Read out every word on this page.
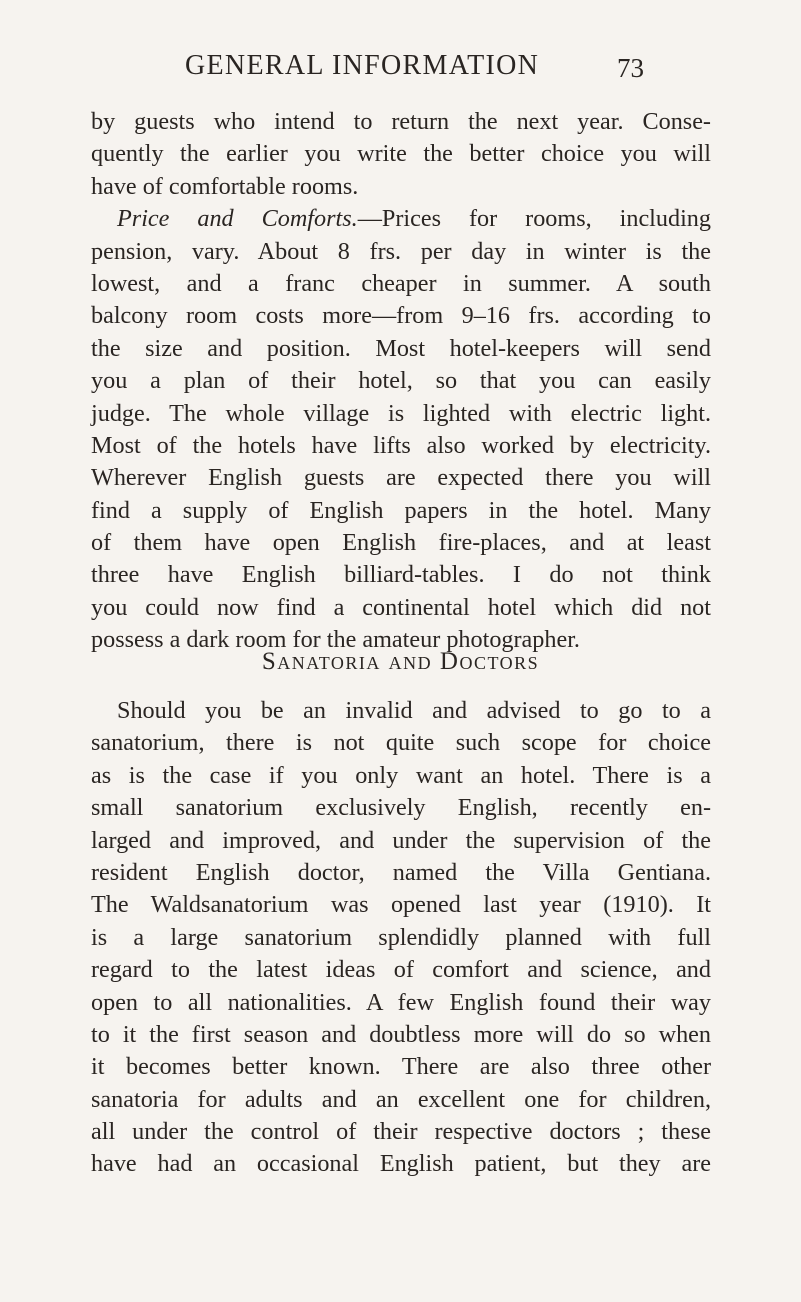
GENERAL INFORMATION	73
by guests who intend to return the next year. Conse-
quently the earlier you write the better choice you will
have of comfortable rooms.
Price and Comforts.—Prices for rooms, including
pension, vary. About 8 frs. per day in winter is the
lowest, and a franc cheaper in summer. A south
balcony room costs more—from 9–16 frs. according to
the size and position. Most hotel-keepers will send
you a plan of their hotel, so that you can easily
judge. The whole village is lighted with electric light.
Most of the hotels have lifts also worked by electricity.
Wherever English guests are expected there you will
find a supply of English papers in the hotel. Many
of them have open English fire-places, and at least
three have English billiard-tables. I do not think
you could now find a continental hotel which did not
possess a dark room for the amateur photographer.
Sanatoria and Doctors
Should you be an invalid and advised to go to a
sanatorium, there is not quite such scope for choice
as is the case if you only want an hotel. There is a
small sanatorium exclusively English, recently en-
larged and improved, and under the supervision of the
resident English doctor, named the Villa Gentiana.
The Waldsanatorium was opened last year (1910). It
is a large sanatorium splendidly planned with full
regard to the latest ideas of comfort and science, and
open to all nationalities. A few English found their way
to it the first season and doubtless more will do so when
it becomes better known. There are also three other
sanatoria for adults and an excellent one for children,
all under the control of their respective doctors ; these
have had an occasional English patient, but they are
